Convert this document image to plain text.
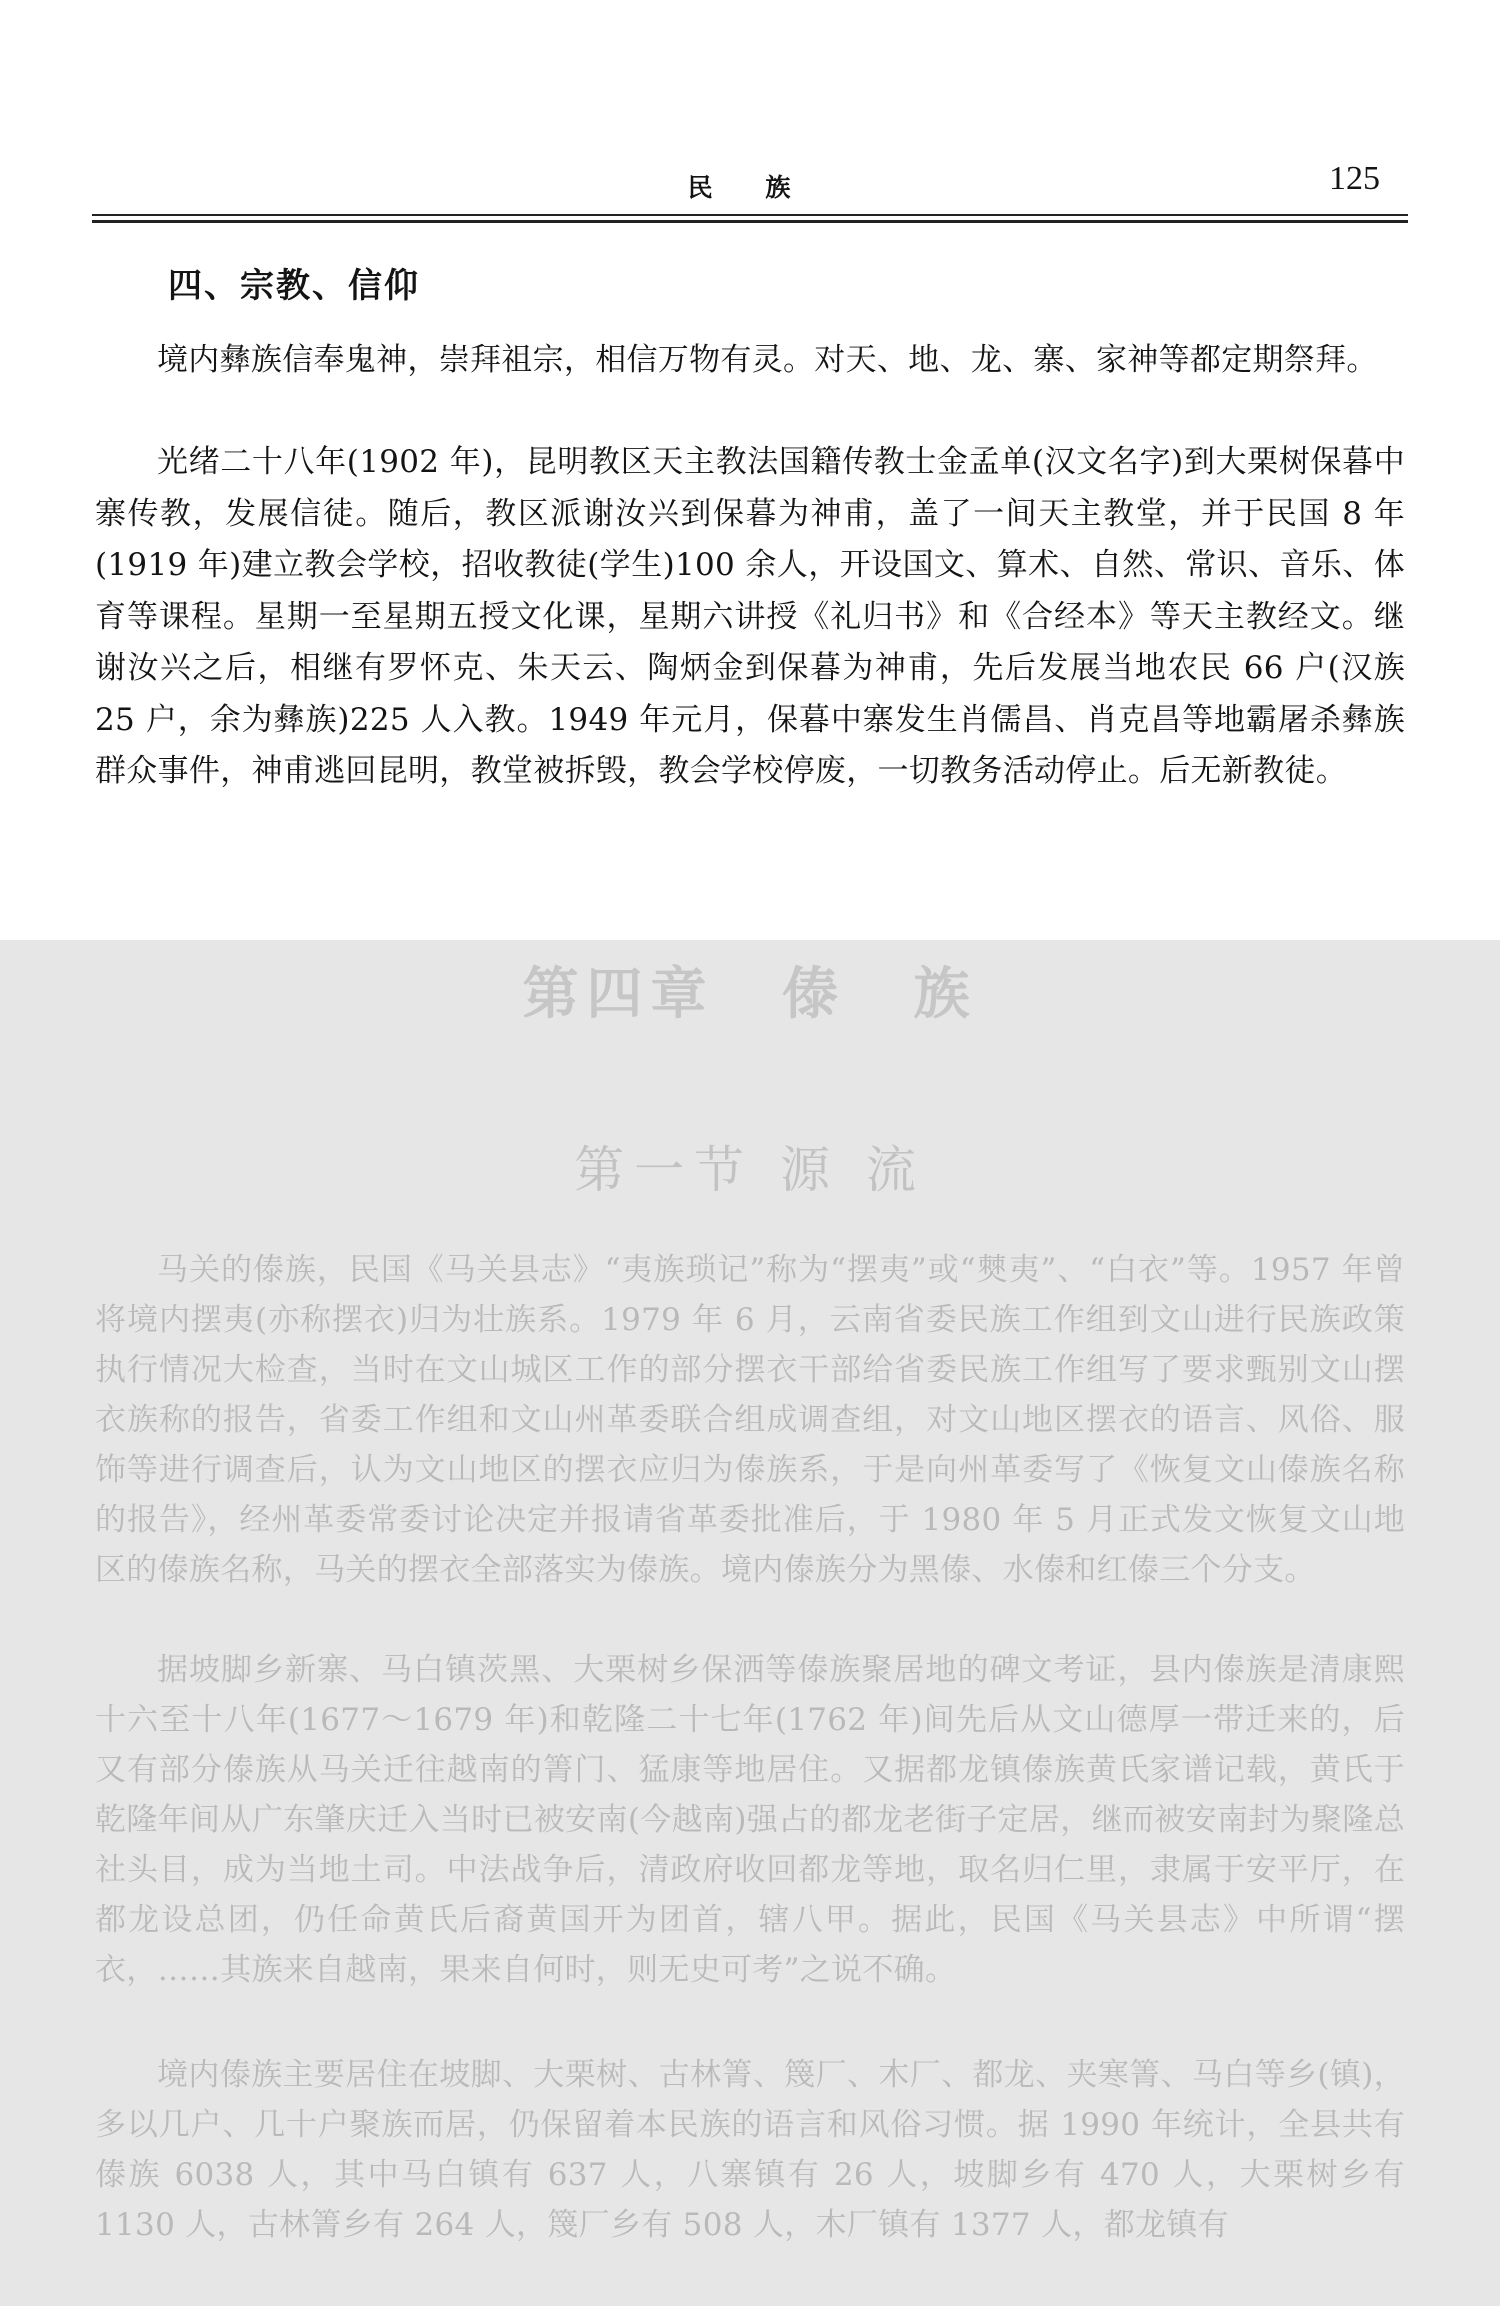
民 族	125
四、宗教、信仰
境内彝族信奉鬼神，崇拜祖宗，相信万物有灵。对天、地、龙、寨、家神等都定期祭拜。
光绪二十八年(1902 年)，昆明教区天主教法国籍传教士金孟单(汉文名字)到大栗树保暮中寨传教，发展信徒。随后，教区派谢汝兴到保暮为神甫，盖了一间天主教堂，并于民国 8 年(1919 年)建立教会学校，招收教徒(学生)100 余人，开设国文、算术、自然、常识、音乐、体育等课程。星期一至星期五授文化课，星期六讲授《礼归书》和《合经本》等天主教经文。继谢汝兴之后，相继有罗怀克、朱天云、陶炳金到保暮为神甫，先后发展当地农民 66 户(汉族 25 户，余为彝族)225 人入教。1949 年元月，保暮中寨发生肖儒昌、肖克昌等地霸屠杀彝族群众事件，神甫逃回昆明，教堂被拆毁，教会学校停废，一切教务活动停止。后无新教徒。
第四章 傣 族
第一节 源 流
马关的傣族，民国《马关县志》“夷族琐记”称为“摆夷”或“僰夷”、“白衣”等。1957 年曾将境内摆夷(亦称摆衣)归为壮族系。1979 年 6 月，云南省委民族工作组到文山进行民族政策执行情况大检查，当时在文山城区工作的部分摆衣干部给省委民族工作组写了要求甄别文山摆衣族称的报告，省委工作组和文山州革委联合组成调查组，对文山地区摆衣的语言、风俗、服饰等进行调查后，认为文山地区的摆衣应归为傣族系，于是向州革委写了《恢复文山傣族名称的报告》，经州革委常委讨论决定并报请省革委批准后，于 1980 年 5 月正式发文恢复文山地区的傣族名称，马关的摆衣全部落实为傣族。境内傣族分为黑傣、水傣和红傣三个分支。
据坡脚乡新寨、马白镇茨黑、大栗树乡保洒等傣族聚居地的碑文考证，县内傣族是清康熙十六至十八年(1677～1679 年)和乾隆二十七年(1762 年)间先后从文山德厚一带迁来的，后又有部分傣族从马关迁往越南的箐门、猛康等地居住。又据都龙镇傣族黄氏家谱记载，黄氏于乾隆年间从广东肇庆迁入当时已被安南(今越南)强占的都龙老街子定居，继而被安南封为聚隆总社头目，成为当地土司。中法战争后，清政府收回都龙等地，取名归仁里，隶属于安平厅，在都龙设总团，仍任命黄氏后裔黄国开为团首，辖八甲。据此，民国《马关县志》中所谓“摆衣，……其族来自越南，果来自何时，则无史可考”之说不确。
境内傣族主要居住在坡脚、大栗树、古林箐、篾厂、木厂、都龙、夹寒箐、马白等乡(镇)，多以几户、几十户聚族而居，仍保留着本民族的语言和风俗习惯。据 1990 年统计，全县共有傣族 6038 人，其中马白镇有 637 人，八寨镇有 26 人，坡脚乡有 470 人，大栗树乡有 1130 人，古林箐乡有 264 人，篾厂乡有 508 人，木厂镇有 1377 人，都龙镇有
